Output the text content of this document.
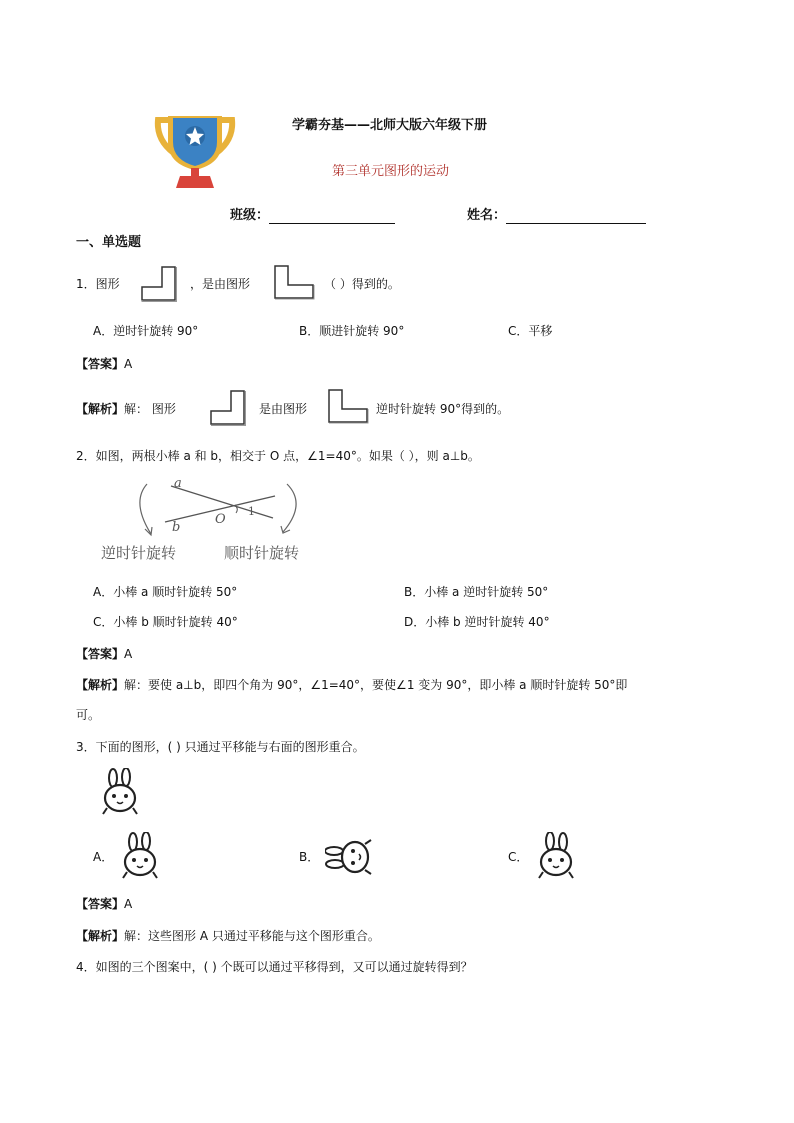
学霸夯基——北师大版六年级下册
第三单元图形的运动
班级：	姓名：
一、单选题
1．图形	，是由图形	（ ）得到的。
A．逆时针旋转 90°	B．顺进针旋转 90°	C．平移
【答案】A
【解析】解： 图形	是由图形	逆时针旋转 90°得到的。
2．如图，两根小棒 a 和 b，相交于 O 点，∠1=40°。如果（ ），则 a⊥b。
a
b
O
1
逆时针旋转	顺时针旋转
A．小棒 a 顺时针旋转 50°	B．小棒 a 逆时针旋转 50°
C．小棒 b 顺时针旋转 40°	D．小棒 b 逆时针旋转 40°
【答案】A
【解析】解：要使 a⊥b，即四个角为 90°，∠1=40°，要使∠1 变为 90°，即小棒 a 顺时针旋转 50°即
可。
3．下面的图形，( ) 只通过平移能与右面的图形重合。
A．	B．	C．
【答案】A
【解析】解：这些图形 A 只通过平移能与这个图形重合。
4．如图的三个图案中，( ) 个既可以通过平移得到，又可以通过旋转得到？
